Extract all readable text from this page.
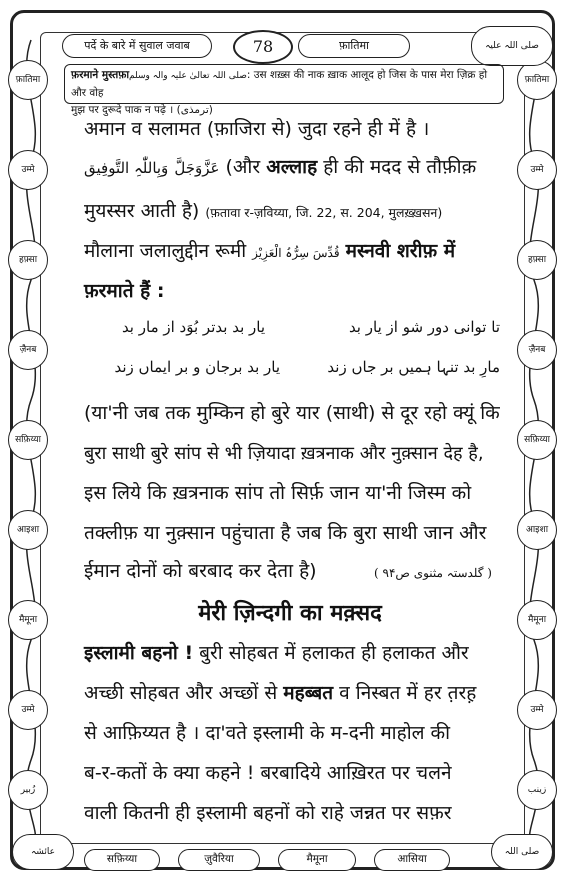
फ़ातिमा
उम्मे
हफ़्सा
ज़ैनब
सफ़िय्या
आइशा
मैमूना
उम्मे
زُبیر
फ़ातिमा
उम्मे
हफ़्सा
ज़ैनब
सफ़िय्या
आइशा
मैमूना
उम्मे
زینب
पर्दे के बारे में सुवाल जवाब	78	फ़ातिमा	صلی اللہ علیہ
फ़रमाने मुस्तफ़ाصلی اللہ تعالیٰ علیہ والہ وسلم: उस शख़्स की नाक ख़ाक आलूद हो जिस के पास मेरा ज़िक्र हो और वोह
मुझ पर दुरूदे पाक न पढ़े । (ترمذی)
अमान व सलामत (फ़ाजिरा से) जुदा रहने ही में है ।
عَزَّوَجَلَّ وَبِاللّٰہِ التَّوفِیق	(और अल्लाह ही की मदद से तौफ़ीक़
मुयस्सर आती है) (फ़तावा र-ज़विय्या, जि. 22, स. 204, मुलख़्ख़सन)
मौलाना जलालुद्दीन रूमी قُدِّسَ سِرُّہُ الْعَزِیْز मस्नवी शरीफ़ में
फ़रमाते हैं :
یار بد بدتر بُوَد از مار بد	تا توانی دور شو از یار بد
یار بد برجان و بر ایماں زند	مارِ بد تنہا ہمیں بر جاں زند
(या'नी जब तक मुम्किन हो बुरे यार (साथी) से दूर रहो क्यूं कि
बुरा साथी बुरे सांप से भी ज़ियादा ख़त्रनाक और नुक़्सान देह है,
इस लिये कि ख़त्रनाक सांप तो सिर्फ़ जान या'नी जिस्म को
तक्लीफ़ या नुक़्सान पहुंचाता है जब कि बुरा साथी जान और
ईमान दोनों को बरबाद कर देता है)	( گلدستہ مثنوی ص۹۴ )
मेरी ज़िन्दगी का मक़्सद
इस्लामी बहनो ! बुरी सोहबत में हलाकत ही हलाकत और
अच्छी सोहबत और अच्छों से महब्बत व निस्बत में हर त़रह़
से आफ़िय्यत है । दा'वते इस्लामी के म-दनी माहोल की
ब-र-कतों के क्या कहने ! बरबादिये आख़िरत पर चलने
वाली कितनी ही इस्लामी बहनों को राहे जन्नत पर सफ़र
عائشہ
सफ़िय्या	ज़ुवैरिया	मैमूना	आसिया
صلی اللہ
